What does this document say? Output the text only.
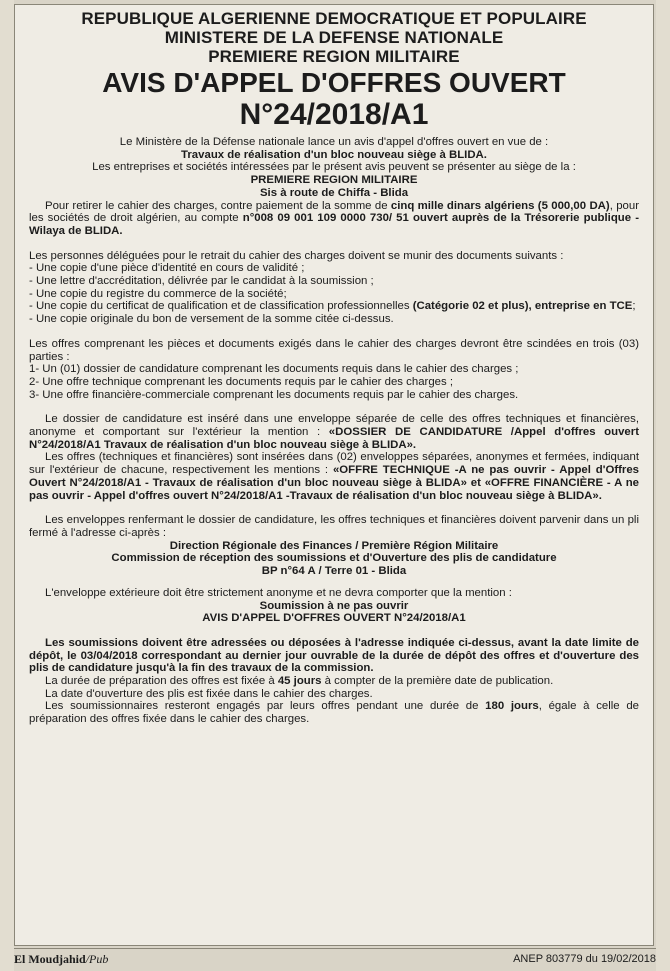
REPUBLIQUE ALGERIENNE DEMOCRATIQUE ET POPULAIRE
MINISTERE DE LA DEFENSE NATIONALE
PREMIERE REGION MILITAIRE
AVIS D'APPEL D'OFFRES OUVERT
N°24/2018/A1

Le Ministère de la Défense nationale lance un avis d'appel d'offres ouvert en vue de :

Travaux de réalisation d'un bloc nouveau siège à BLIDA.

Les entreprises et sociétés intéressées par le présent avis peuvent se présenter au siège de la :

PREMIERE REGION MILITAIRE

Sis à route de Chiffa - Blida

Pour retirer le cahier des charges, contre paiement de la somme de cinq mille dinars algériens (5 000,00 DA), pour les sociétés de droit algérien, au compte n°008 09 001 109 0000 730/ 51 ouvert auprès de la Trésorerie publique - Wilaya de BLIDA.

Les personnes déléguées pour le retrait du cahier des charges doivent se munir des documents suivants :

- Une copie d'une pièce d'identité en cours de validité ;

- Une lettre d'accréditation, délivrée par le candidat à la soumission ;

- Une copie du registre du commerce de la société;

- Une copie du certificat de qualification et de classification professionnelles (Catégorie 02 et plus), entreprise en TCE;

- Une copie originale du bon de versement de la somme citée ci-dessus.

Les offres comprenant les pièces et documents exigés dans le cahier des charges devront être scindées en trois (03) parties :

1- Un (01) dossier de candidature comprenant les documents requis dans le cahier des charges ;

2- Une offre technique comprenant les documents requis par le cahier des charges ;

3- Une offre financière-commerciale comprenant les documents requis par le cahier des charges.

Le dossier de candidature est inséré dans une enveloppe séparée de celle des offres techniques et financières, anonyme et comportant sur l'extérieur la mention : «DOSSIER DE CANDIDATURE /Appel d'offres ouvert N°24/2018/A1 Travaux de réalisation d'un bloc nouveau siège à BLIDA».

Les offres (techniques et financières) sont insérées dans (02) enveloppes séparées, anonymes et fermées, indiquant sur l'extérieur de chacune, respectivement les mentions : «OFFRE TECHNIQUE -A ne pas ouvrir - Appel d'Offres Ouvert N°24/2018/A1 - Travaux de réalisation d'un bloc nouveau siège à BLIDA» et «OFFRE FINANCIÈRE - A ne pas ouvrir - Appel d'offres ouvert N°24/2018/A1 -Travaux de réalisation d'un bloc nouveau siège à BLIDA».

Les enveloppes renfermant le dossier de candidature, les offres techniques et financières doivent parvenir dans un pli fermé à l'adresse ci-après :

Direction Régionale des Finances / Première Région Militaire

Commission de réception des soumissions et d'Ouverture des plis de candidature

BP n°64 A / Terre 01 - Blida

L'enveloppe extérieure doit être strictement anonyme et ne devra comporter que la mention :

Soumission à ne pas ouvrir

AVIS D'APPEL D'OFFRES OUVERT N°24/2018/A1

Les soumissions doivent être adressées ou déposées à l'adresse indiquée ci-dessus, avant la date limite de dépôt, le 03/04/2018 correspondant au dernier jour ouvrable de la durée de dépôt des offres et d'ouverture des plis de candidature jusqu'à la fin des travaux de la commission.

La durée de préparation des offres est fixée à 45 jours à compter de la première date de publication.

La date d'ouverture des plis est fixée dans le cahier des charges.

Les soumissionnaires resteront engagés par leurs offres pendant une durée de 180 jours, égale à celle de préparation des offres fixée dans le cahier des charges.

El Moudjahid/Pub	ANEP 803779 du 19/02/2018
